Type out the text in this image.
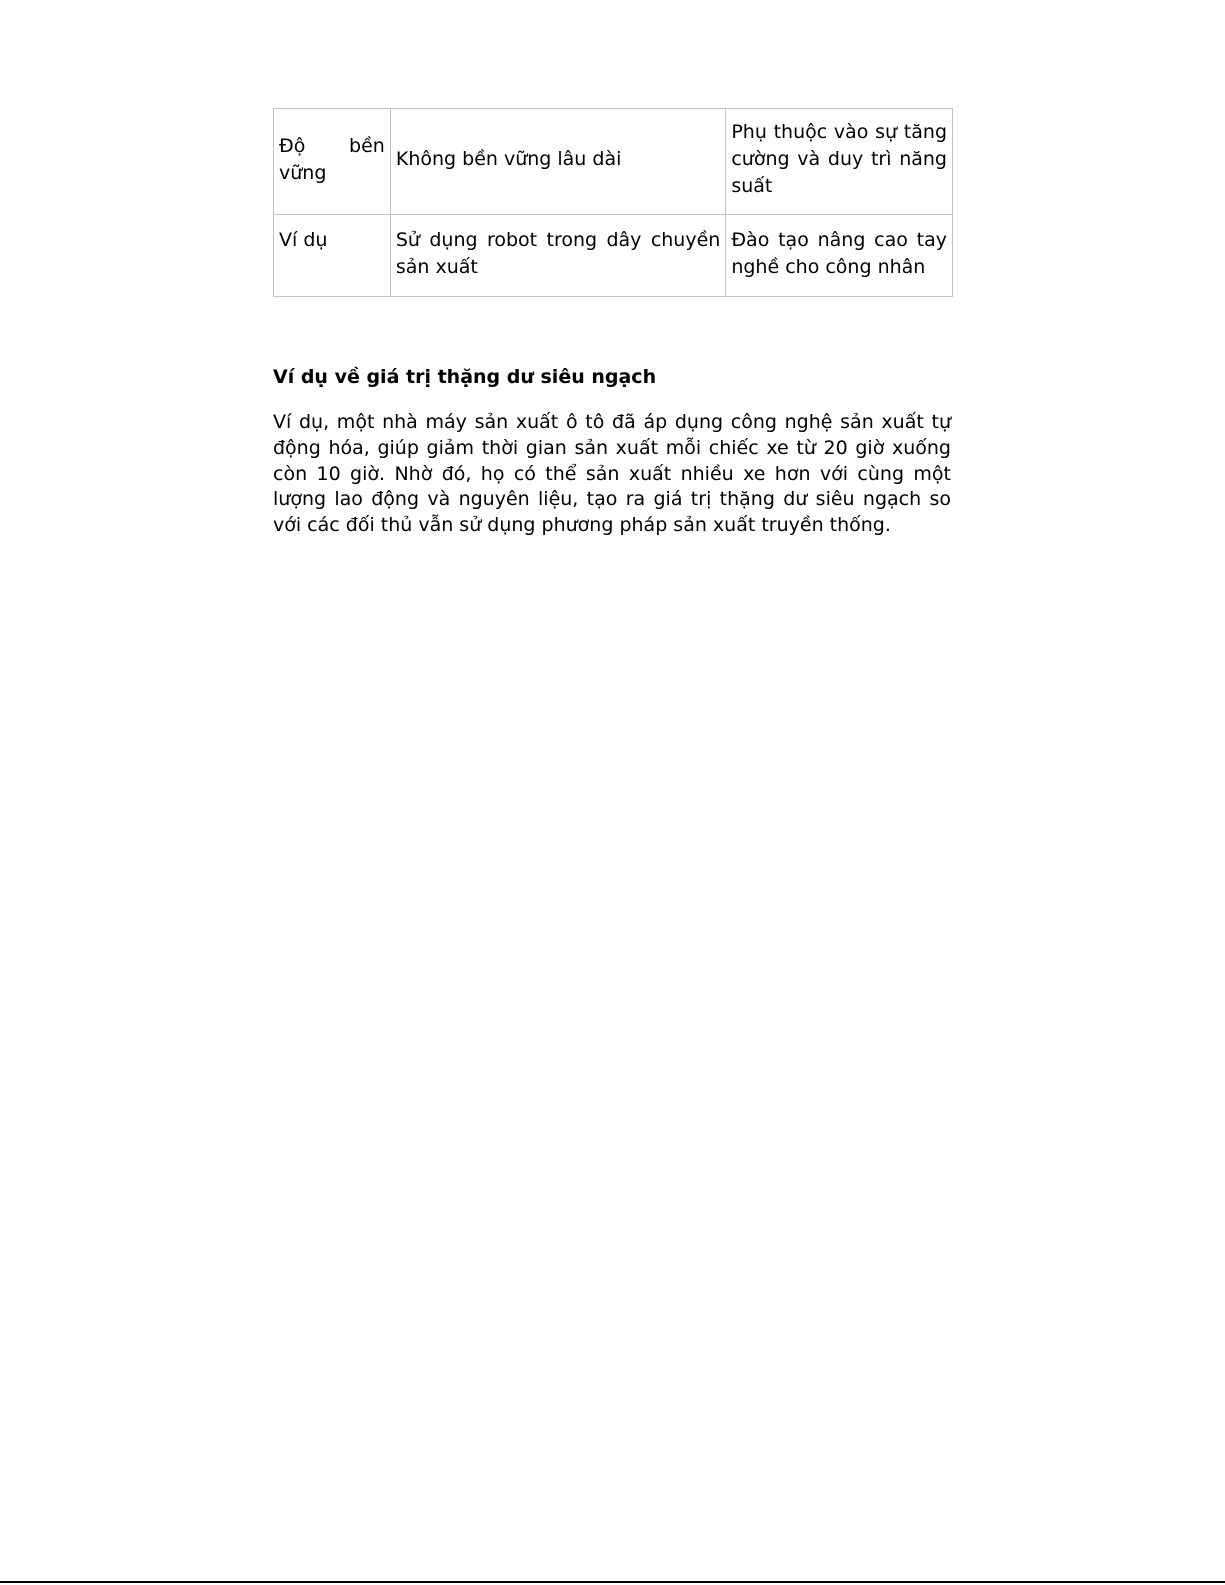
Độ bền vững	Không bền vững lâu dài	Phụ thuộc vào sự tăng cường và duy trì năng suất

Ví dụ	Sử dụng robot trong dây chuyền sản xuất	Đào tạo nâng cao tay nghề cho công nhân
Ví dụ về giá trị thặng dư siêu ngạch

Ví dụ, một nhà máy sản xuất ô tô đã áp dụng công nghệ sản xuất tự động hóa, giúp giảm thời gian sản xuất mỗi chiếc xe từ 20 giờ xuống còn 10 giờ. Nhờ đó, họ có thể sản xuất nhiều xe hơn với cùng một lượng lao động và nguyên liệu, tạo ra giá trị thặng dư siêu ngạch so với các đối thủ vẫn sử dụng phương pháp sản xuất truyền thống.
